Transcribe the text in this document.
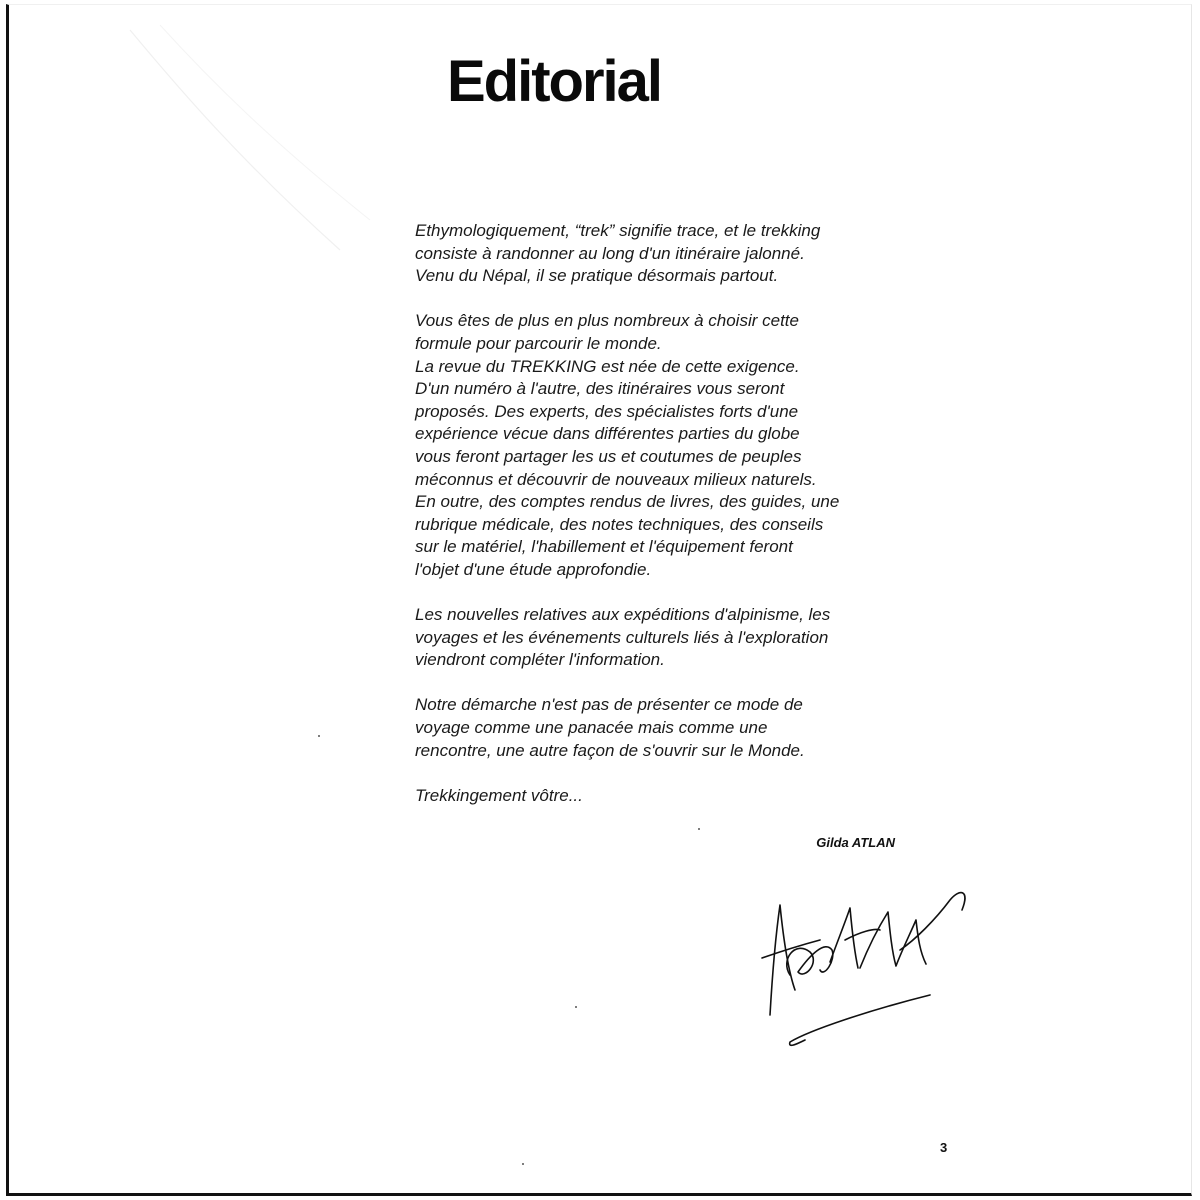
Editorial

Ethymologiquement, “trek” signifie trace, et le trekking
consiste à randonner au long d'un itinéraire jalonné.
Venu du Népal, il se pratique désormais partout.

Vous êtes de plus en plus nombreux à choisir cette
formule pour parcourir le monde.
La revue du TREKKING est née de cette exigence.
D'un numéro à l'autre, des itinéraires vous seront
proposés. Des experts, des spécialistes forts d'une
expérience vécue dans différentes parties du globe
vous feront partager les us et coutumes de peuples
méconnus et découvrir de nouveaux milieux naturels.
En outre, des comptes rendus de livres, des guides, une
rubrique médicale, des notes techniques, des conseils
sur le matériel, l'habillement et l'équipement feront
l'objet d'une étude approfondie.

Les nouvelles relatives aux expéditions d'alpinisme, les
voyages et les événements culturels liés à l'exploration
viendront compléter l'information.

Notre démarche n'est pas de présenter ce mode de
voyage comme une panacée mais comme une
rencontre, une autre façon de s'ouvrir sur le Monde.

Trekkingement vôtre...

Gilda ATLAN
3
